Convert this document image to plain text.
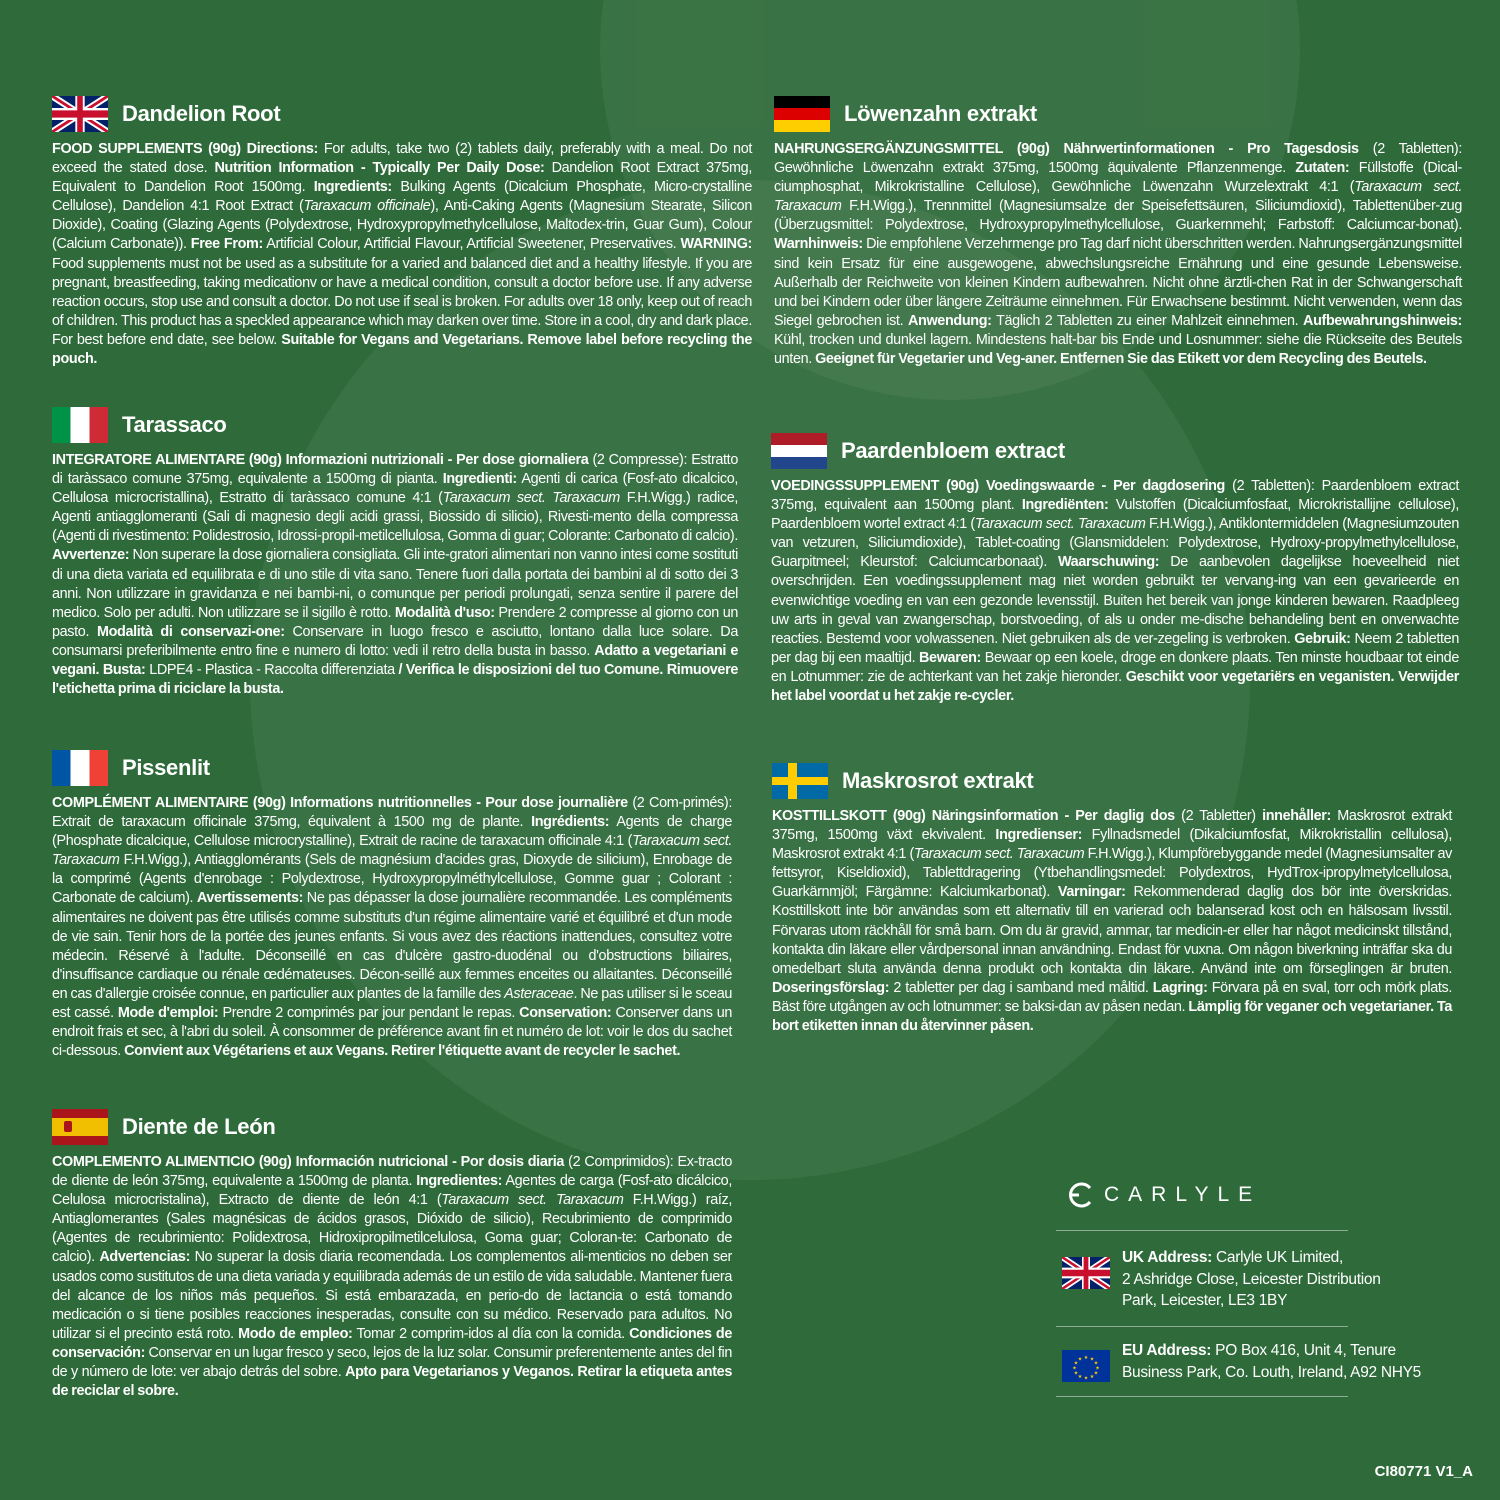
Dandelion Root
FOOD SUPPLEMENTS (90g) Directions: For adults, take two (2) tablets daily, preferably with a meal. Do not exceed the stated dose. Nutrition Information - Typically Per Daily Dose: Dandelion Root Extract 375mg, Equivalent to Dandelion Root 1500mg. Ingredients: Bulking Agents (Dicalcium Phosphate, Micro-crystalline Cellulose), Dandelion 4:1 Root Extract (Taraxacum officinale), Anti-Caking Agents (Magnesium Stearate, Silicon Dioxide), Coating (Glazing Agents (Polydextrose, Hydroxypropylmethylcellulose, Maltodex-trin, Guar Gum), Colour (Calcium Carbonate)). Free From: Artificial Colour, Artificial Flavour, Artificial Sweetener, Preservatives. WARNING: Food supplements must not be used as a substitute for a varied and balanced diet and a healthy lifestyle. If you are pregnant, breastfeeding, taking medicationv or have a medical condition, consult a doctor before use. If any adverse reaction occurs, stop use and consult a doctor. Do not use if seal is broken. For adults over 18 only, keep out of reach of children. This product has a speckled appearance which may darken over time. Store in a cool, dry and dark place. For best before end date, see below. Suitable for Vegans and Vegetarians. Remove label before recycling the pouch.
Löwenzahn extrakt
NAHRUNGSERGÄNZUNGSMITTEL (90g) Nährwertinformationen - Pro Tagesdosis (2 Tabletten): Gewöhnliche Löwenzahn extrakt 375mg, 1500mg äquivalente Pflanzenmenge. Zutaten: Füllstoffe (Dical-ciumphosphat, Mikrokristalline Cellulose), Gewöhnliche Löwenzahn Wurzelextrakt 4:1 (Taraxacum sect. Taraxacum F.H.Wigg.), Trennmittel (Magnesiumsalze der Speisefettsäuren, Siliciumdioxid), Tablettenüber-zug (Überzugsmittel: Polydextrose, Hydroxypropylmethylcellulose, Guarkernmehl; Farbstoff: Calciumcar-bonat). Warnhinweis: Die empfohlene Verzehrmenge pro Tag darf nicht überschritten werden. Nahrungsergänzungsmittel sind kein Ersatz für eine ausgewogene, abwechslungsreiche Ernährung und eine gesunde Lebensweise. Außerhalb der Reichweite von kleinen Kindern aufbewahren. Nicht ohne ärztli-chen Rat in der Schwangerschaft und bei Kindern oder über längere Zeiträume einnehmen. Für Erwachsene bestimmt. Nicht verwenden, wenn das Siegel gebrochen ist. Anwendung: Täglich 2 Tabletten zu einer Mahlzeit einnehmen. Aufbewahrungshinweis: Kühl, trocken und dunkel lagern. Mindestens halt-bar bis Ende und Losnummer: siehe die Rückseite des Beutels unten. Geeignet für Vegetarier und Veg-aner. Entfernen Sie das Etikett vor dem Recycling des Beutels.
Tarassaco
INTEGRATORE ALIMENTARE (90g) Informazioni nutrizionali - Per dose giornaliera (2 Compresse): Estratto di taràssaco comune 375mg, equivalente a 1500mg di pianta. Ingredienti: Agenti di carica (Fosf-ato dicalcico, Cellulosa microcristallina), Estratto di taràssaco comune 4:1 (Taraxacum sect. Taraxacum F.H.Wigg.) radice, Agenti antiagglomeranti (Sali di magnesio degli acidi grassi, Biossido di silicio), Rivesti-mento della compressa (Agenti di rivestimento: Polidestrosio, Idrossi-propil-metilcellulosa, Gomma di guar; Colorante: Carbonato di calcio). Avvertenze: Non superare la dose giornaliera consigliata. Gli inte-gratori alimentari non vanno intesi come sostituti di una dieta variata ed equilibrata e di uno stile di vita sano. Tenere fuori dalla portata dei bambini al di sotto dei 3 anni. Non utilizzare in gravidanza e nei bambi-ni, o comunque per periodi prolungati, senza sentire il parere del medico. Solo per adulti. Non utilizzare se il sigillo è rotto. Modalità d'uso: Prendere 2 compresse al giorno con un pasto. Modalità di conservazi-one: Conservare in luogo fresco e asciutto, lontano dalla luce solare. Da consumarsi preferibilmente entro fine e numero di lotto: vedi il retro della busta in basso. Adatto a vegetariani e vegani. Busta: LDPE4 - Plastica - Raccolta differenziata / Verifica le disposizioni del tuo Comune. Rimuovere l'etichetta prima di riciclare la busta.
Paardenbloem extract
VOEDINGSSUPPLEMENT (90g) Voedingswaarde - Per dagdosering (2 Tabletten): Paardenbloem extract 375mg, equivalent aan 1500mg plant. Ingrediënten: Vulstoffen (Dicalciumfosfaat, Microkristallijne cellulose), Paardenbloem wortel extract 4:1 (Taraxacum sect. Taraxacum F.H.Wigg.), Antiklontermiddelen (Magnesiumzouten van vetzuren, Siliciumdioxide), Tablet-coating (Glansmiddelen: Polydextrose, Hydroxy-propylmethylcellulose, Guarpitmeel; Kleurstof: Calciumcarbonaat). Waarschuwing: De aanbevolen dagelijkse hoeveelheid niet overschrijden. Een voedingssupplement mag niet worden gebruikt ter vervang-ing van een gevarieerde en evenwichtige voeding en van een gezonde levensstijl. Buiten het bereik van jonge kinderen bewaren. Raadpleeg uw arts in geval van zwangerschap, borstvoeding, of als u onder me-dische behandeling bent en onverwachte reacties. Bestemd voor volwassenen. Niet gebruiken als de ver-zegeling is verbroken. Gebruik: Neem 2 tabletten per dag bij een maaltijd. Bewaren: Bewaar op een koele, droge en donkere plaats. Ten minste houdbaar tot einde en Lotnummer: zie de achterkant van het zakje hieronder. Geschikt voor vegetariërs en veganisten. Verwijder het label voordat u het zakje re-cycler.
Pissenlit
COMPLÉMENT ALIMENTAIRE (90g) Informations nutritionnelles - Pour dose journalière (2 Com-primés): Extrait de taraxacum officinale 375mg, équivalent à 1500 mg de plante. Ingrédients: Agents de charge (Phosphate dicalcique, Cellulose microcrystalline), Extrait de racine de taraxacum officinale 4:1 (Taraxacum sect. Taraxacum F.H.Wigg.), Antiagglomérants (Sels de magnésium d'acides gras, Dioxyde de silicium), Enrobage de la comprimé (Agents d'enrobage : Polydextrose, Hydroxypropylméthylcellulose, Gomme guar ; Colorant : Carbonate de calcium). Avertissements: Ne pas dépasser la dose journalière recommandée. Les compléments alimentaires ne doivent pas être utilisés comme substituts d'un régime alimentaire varié et équilibré et d'un mode de vie sain. Tenir hors de la portée des jeunes enfants. Si vous avez des réactions inattendues, consultez votre médecin. Réservé à l'adulte. Déconseillé en cas d'ulcère gastro-duodénal ou d'obstructions biliaires, d'insuffisance cardiaque ou rénale œdémateuses. Décon-seillé aux femmes enceites ou allaitantes. Déconseillé en cas d'allergie croisée connue, en particulier aux plantes de la famille des Asteraceae. Ne pas utiliser si le sceau est cassé. Mode d'emploi: Prendre 2 comprimés par jour pendant le repas. Conservation: Conserver dans un endroit frais et sec, à l'abri du soleil. À consommer de préférence avant fin et numéro de lot: voir le dos du sachet ci-dessous. Convient aux Végétariens et aux Vegans. Retirer l'étiquette avant de recycler le sachet.
Maskrosrot extrakt
KOSTTILLSKOTT (90g) Näringsinformation - Per daglig dos (2 Tabletter) innehåller: Maskrosrot extrakt 375mg, 1500mg växt ekvivalent. Ingredienser: Fyllnadsmedel (Dikalciumfosfat, Mikrokristallin cellulosa), Maskrosrot extrakt 4:1 (Taraxacum sect. Taraxacum F.H.Wigg.), Klumpförebyggande medel (Magnesiumsalter av fettsyror, Kiseldioxid), Tablettdragering (Ytbehandlingsmedel: Polydextros, HydTrox-ipropylmetylcellulosa, Guarkärnmjöl; Färgämne: Kalciumkarbonat). Varningar: Rekommenderad daglig dos bör inte överskridas. Kosttillskott inte bör användas som ett alternativ till en varierad och balanserad kost och en hälsosam livsstil. Förvaras utom räckhåll för små barn. Om du är gravid, ammar, tar medicin-er eller har något medicinskt tillstånd, kontakta din läkare eller vårdpersonal innan användning. Endast för vuxna. Om någon biverkning inträffar ska du omedelbart sluta använda denna produkt och kontakta din läkare. Använd inte om förseglingen är bruten. Doseringsförslag: 2 tabletter per dag i samband med måltid. Lagring: Förvara på en sval, torr och mörk plats. Bäst före utgången av och lotnummer: se baksi-dan av påsen nedan. Lämplig för veganer och vegetarianer. Ta bort etiketten innan du återvinner påsen.
Diente de León
COMPLEMENTO ALIMENTICIO (90g) Información nutricional - Por dosis diaria (2 Comprimidos): Ex-tracto de diente de león 375mg, equivalente a 1500mg de planta. Ingredientes: Agentes de carga (Fosf-ato dicálcico, Celulosa microcristalina), Extracto de diente de león 4:1 (Taraxacum sect. Taraxacum F.H.Wigg.) raíz, Antiaglomerantes (Sales magnésicas de ácidos grasos, Dióxido de silicio), Recubrimiento de comprimido (Agentes de recubrimiento: Polidextrosa, Hidroxipropilmetilcelulosa, Goma guar; Coloran-te: Carbonato de calcio). Advertencias: No superar la dosis diaria recomendada. Los complementos ali-menticios no deben ser usados como sustitutos de una dieta variada y equilibrada además de un estilo de vida saludable. Mantener fuera del alcance de los niños más pequeños. Si está embarazada, en perio-do de lactancia o está tomando medicación o si tiene posibles reacciones inesperadas, consulte con su médico. Reservado para adultos. No utilizar si el precinto está roto. Modo de empleo: Tomar 2 comprim-idos al día con la comida. Condiciones de conservación: Conservar en un lugar fresco y seco, lejos de la luz solar. Consumir preferentemente antes del fin de y número de lote: ver abajo detrás del sobre. Apto para Vegetarianos y Veganos. Retirar la etiqueta antes de reciclar el sobre.
CARLYLE
UK Address: Carlyle UK Limited,
2 Ashridge Close, Leicester Distribution
Park, Leicester, LE3 1BY
★ ★
★
★
★
★
★
★
★
★
★
★
EU Address: PO Box 416, Unit 4, Tenure
Business Park, Co. Louth, Ireland, A92 NHY5
CI80771 V1_A
